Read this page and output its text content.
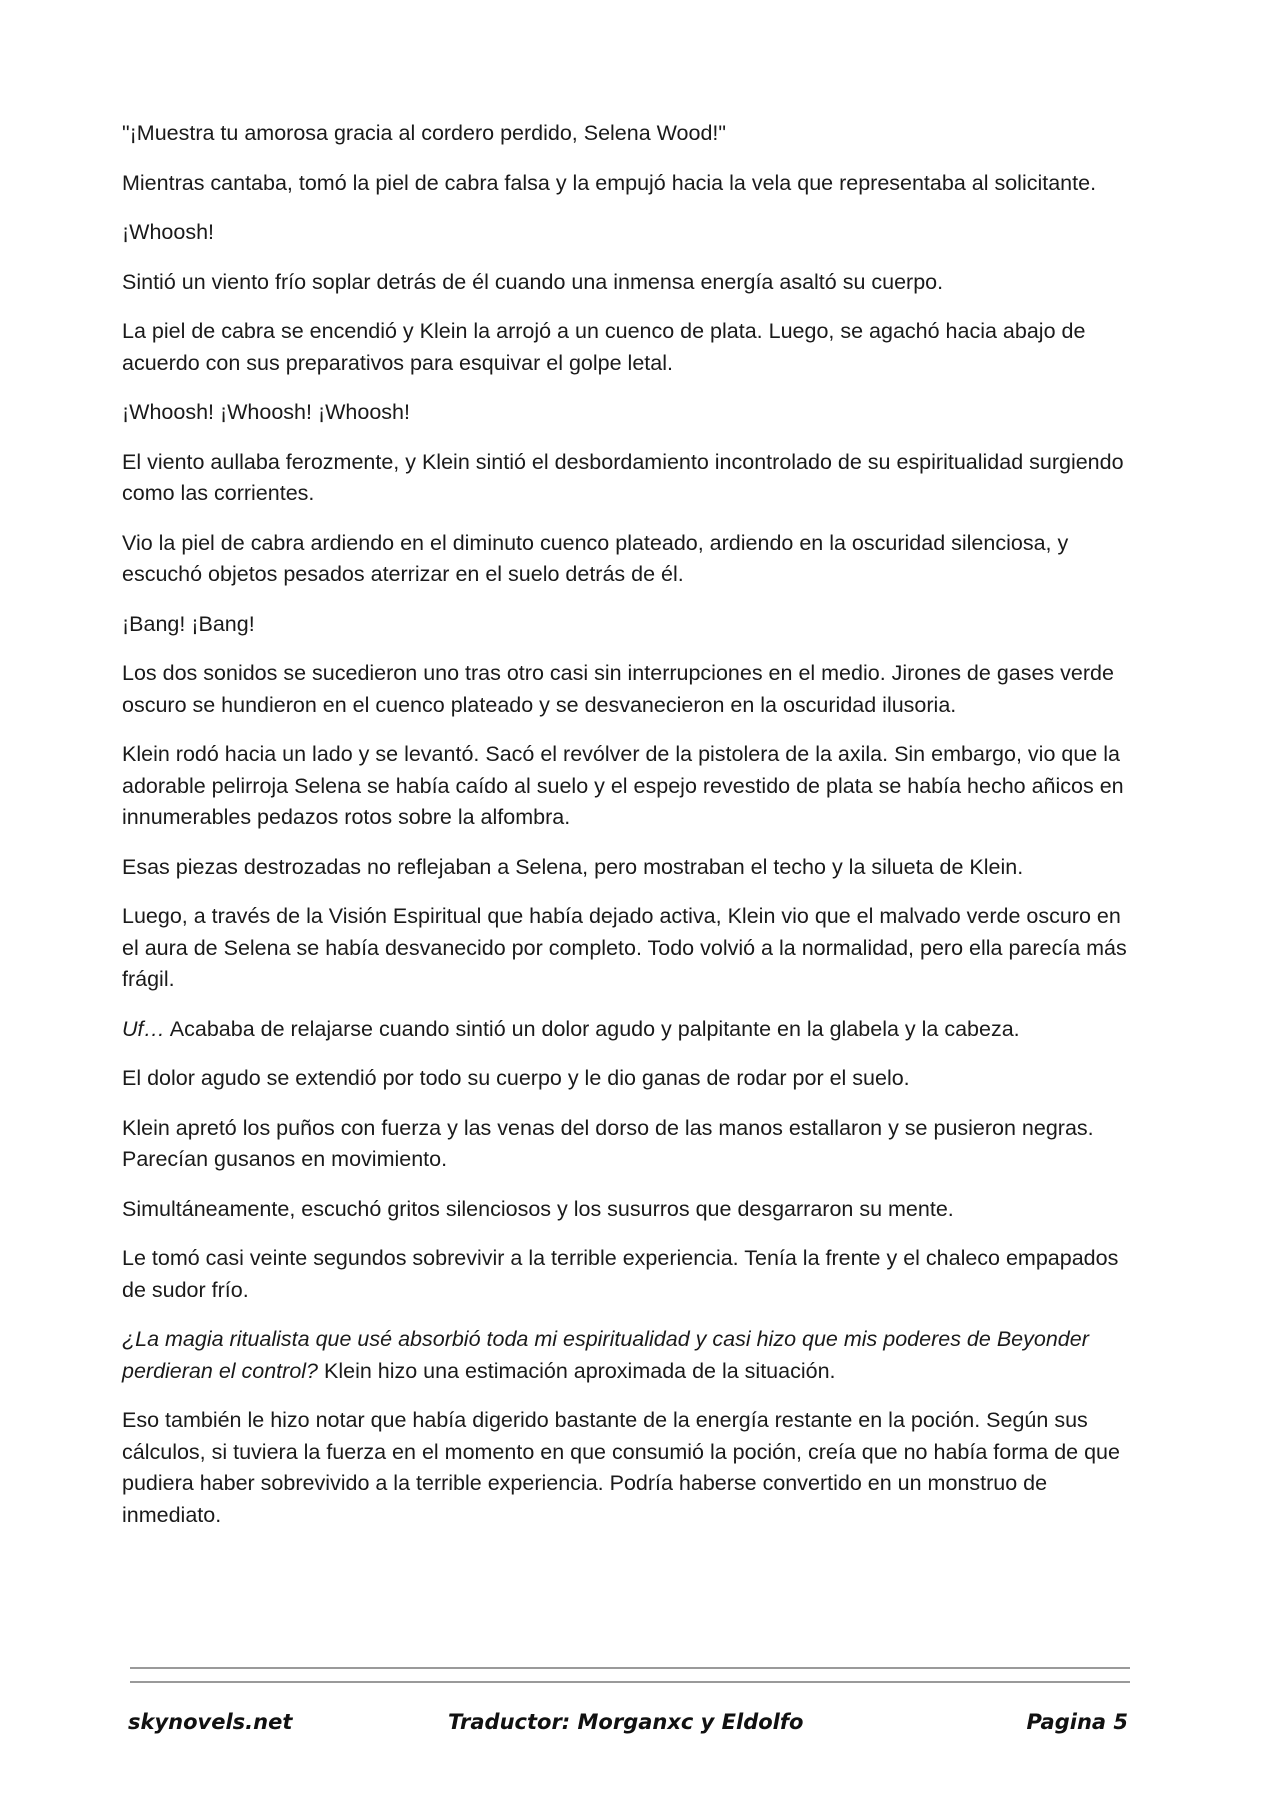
"¡Muestra tu amorosa gracia al cordero perdido, Selena Wood!"

Mientras cantaba, tomó la piel de cabra falsa y la empujó hacia la vela que representaba al solicitante.

¡Whoosh!

Sintió un viento frío soplar detrás de él cuando una inmensa energía asaltó su cuerpo.

La piel de cabra se encendió y Klein la arrojó a un cuenco de plata. Luego, se agachó hacia abajo de acuerdo con sus preparativos para esquivar el golpe letal.

¡Whoosh! ¡Whoosh! ¡Whoosh!

El viento aullaba ferozmente, y Klein sintió el desbordamiento incontrolado de su espiritualidad surgiendo como las corrientes.

Vio la piel de cabra ardiendo en el diminuto cuenco plateado, ardiendo en la oscuridad silenciosa, y escuchó objetos pesados aterrizar en el suelo detrás de él.

¡Bang! ¡Bang!

Los dos sonidos se sucedieron uno tras otro casi sin interrupciones en el medio. Jirones de gases verde oscuro se hundieron en el cuenco plateado y se desvanecieron en la oscuridad ilusoria.

Klein rodó hacia un lado y se levantó. Sacó el revólver de la pistolera de la axila. Sin embargo, vio que la adorable pelirroja Selena se había caído al suelo y el espejo revestido de plata se había hecho añicos en innumerables pedazos rotos sobre la alfombra.

Esas piezas destrozadas no reflejaban a Selena, pero mostraban el techo y la silueta de Klein.

Luego, a través de la Visión Espiritual que había dejado activa, Klein vio que el malvado verde oscuro en el aura de Selena se había desvanecido por completo. Todo volvió a la normalidad, pero ella parecía más frágil.

Uf… Acababa de relajarse cuando sintió un dolor agudo y palpitante en la glabela y la cabeza.

El dolor agudo se extendió por todo su cuerpo y le dio ganas de rodar por el suelo.

Klein apretó los puños con fuerza y las venas del dorso de las manos estallaron y se pusieron negras. Parecían gusanos en movimiento.

Simultáneamente, escuchó gritos silenciosos y los susurros que desgarraron su mente.

Le tomó casi veinte segundos sobrevivir a la terrible experiencia. Tenía la frente y el chaleco empapados de sudor frío.

¿La magia ritualista que usé absorbió toda mi espiritualidad y casi hizo que mis poderes de Beyonder perdieran el control? Klein hizo una estimación aproximada de la situación.

Eso también le hizo notar que había digerido bastante de la energía restante en la poción. Según sus cálculos, si tuviera la fuerza en el momento en que consumió la poción, creía que no había forma de que pudiera haber sobrevivido a la terrible experiencia. Podría haberse convertido en un monstruo de inmediato.

skynovels.net	Traductor: Morganxc y Eldolfo	Pagina 5
